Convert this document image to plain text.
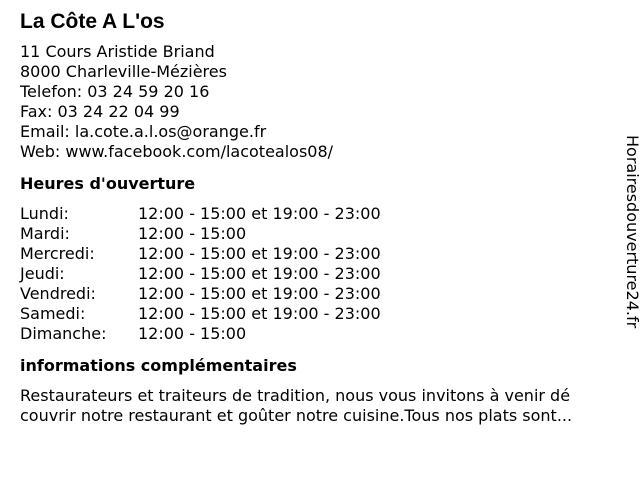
La Côte A L'os
11 Cours Aristide Briand
8000 Charleville-Mézières
Telefon: 03 24 59 20 16
Fax: 03 24 22 04 99
Email: la.cote.a.l.os@orange.fr
Web: www.facebook.com/lacotealos08/
Heures d'ouverture
Lundi:	12:00 - 15:00 et 19:00 - 23:00
Mardi:	12:00 - 15:00
Mercredi:	12:00 - 15:00 et 19:00 - 23:00
Jeudi:	12:00 - 15:00 et 19:00 - 23:00
Vendredi:	12:00 - 15:00 et 19:00 - 23:00
Samedi:	12:00 - 15:00 et 19:00 - 23:00
Dimanche:	12:00 - 15:00
informations complémentaires
Restaurateurs et traiteurs de tradition, nous vous invitons à venir dé
couvrir notre restaurant et goûter notre cuisine.Tous nos plats sont...
Horairesdouverture24.fr
